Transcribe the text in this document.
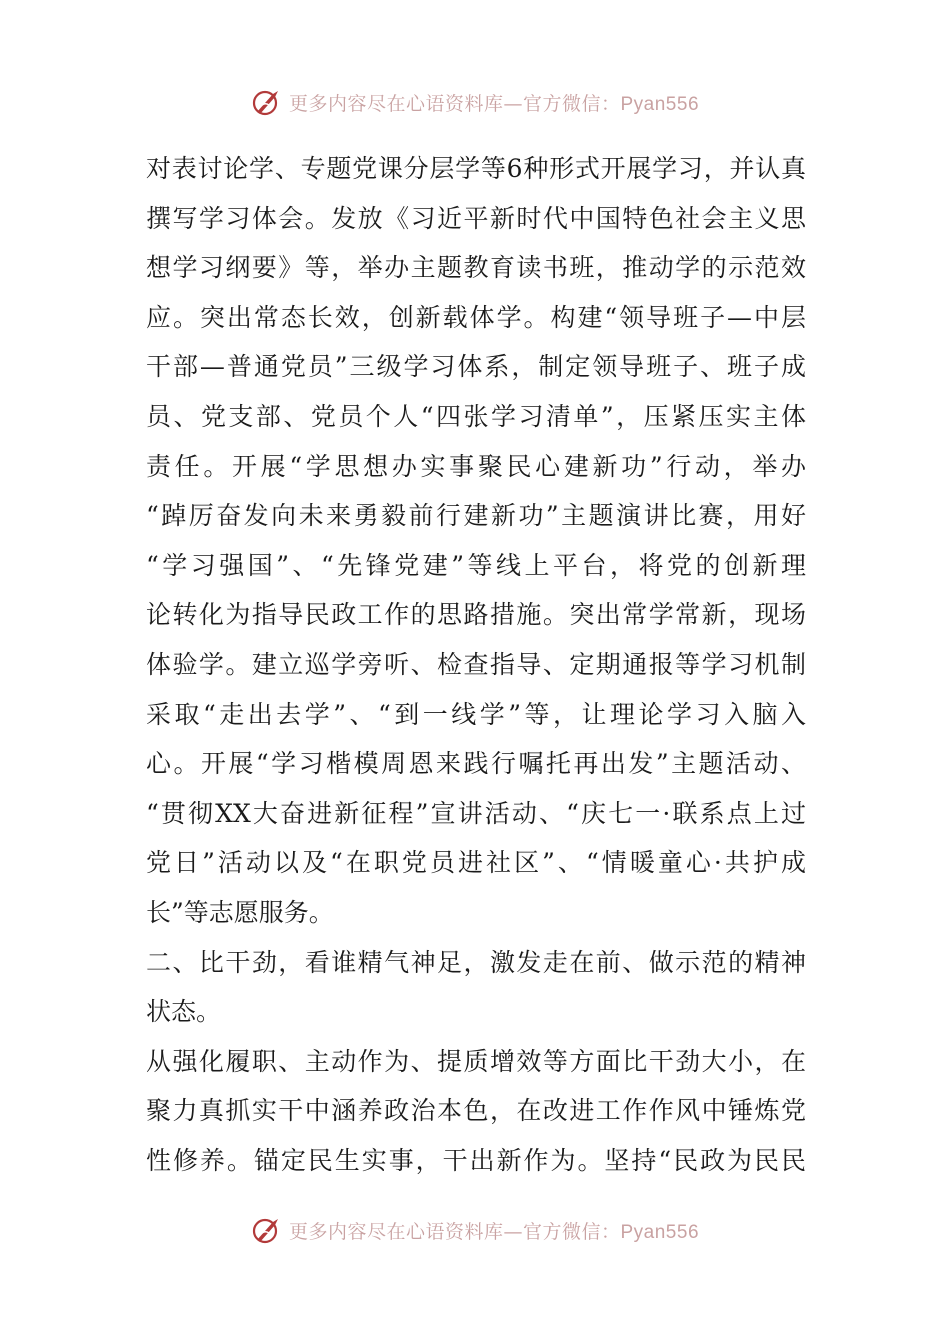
更多内容尽在心语资料库—官方微信：Pyan556
对表讨论学、专题党课分层学等6种形式开展学习，并认真
撰写学习体会。发放《习近平新时代中国特色社会主义思
想学习纲要》等，举办主题教育读书班，推动学的示范效
应。突出常态长效，创新载体学。构建“领导班子—中层
干部—普通党员”三级学习体系，制定领导班子、班子成
员、党支部、党员个人“四张学习清单”，压紧压实主体
责任。开展“学思想办实事聚民心建新功”行动，举办
“踔厉奋发向未来勇毅前行建新功”主题演讲比赛，用好
“学习强国”、“先锋党建”等线上平台，将党的创新理
论转化为指导民政工作的思路措施。突出常学常新，现场
体验学。建立巡学旁听、检查指导、定期通报等学习机制
采取“走出去学”、“到一线学”等，让理论学习入脑入
心。开展“学习楷模周恩来践行嘱托再出发”主题活动、
“贯彻XX大奋进新征程”宣讲活动、“庆七一·联系点上过
党日”活动以及“在职党员进社区”、“情暖童心·共护成
长”等志愿服务。
二、比干劲，看谁精气神足，激发走在前、做示范的精神
状态。
从强化履职、主动作为、提质增效等方面比干劲大小，在
聚力真抓实干中涵养政治本色，在改进工作作风中锤炼党
性修养。锚定民生实事，干出新作为。坚持“民政为民民
更多内容尽在心语资料库—官方微信：Pyan556
